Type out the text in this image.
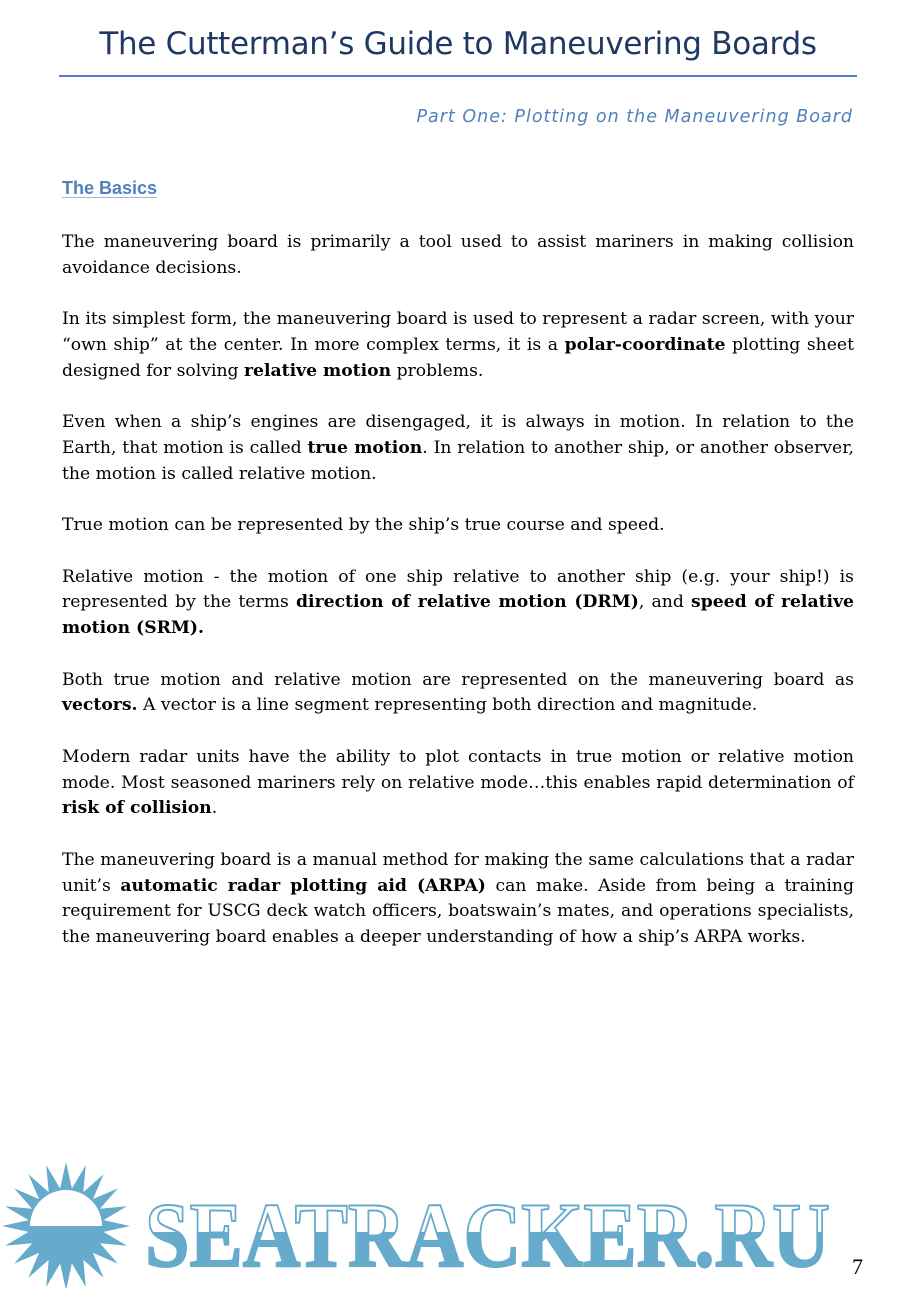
The Cutterman’s Guide to Maneuvering Boards
Part One: Plotting on the Maneuvering Board
The Basics

The maneuvering board is primarily a tool used to assist mariners in making collision avoidance decisions.

In its simplest form, the maneuvering board is used to represent a radar screen, with your “own ship” at the center. In more complex terms, it is a polar-coordinate plotting sheet designed for solving relative motion problems.

Even when a ship’s engines are disengaged, it is always in motion. In relation to the Earth, that motion is called true motion. In relation to another ship, or another observer, the motion is called relative motion.

True motion can be represented by the ship’s true course and speed.

Relative motion - the motion of one ship relative to another ship (e.g. your ship!) is represented by the terms direction of relative motion (DRM), and speed of relative motion (SRM).

Both true motion and relative motion are represented on the maneuvering board as vectors. A vector is a line segment representing both direction and magnitude.

Modern radar units have the ability to plot contacts in true motion or relative motion mode. Most seasoned mariners rely on relative mode…this enables rapid determination of risk of collision.

The maneuvering board is a manual method for making the same calculations that a radar unit’s automatic radar plotting aid (ARPA) can make. Aside from being a training requirement for USCG deck watch officers, boatswain’s mates, and operations specialists, the maneuvering board enables a deeper understanding of how a ship’s ARPA works.

SEATRACKER.RU 7
